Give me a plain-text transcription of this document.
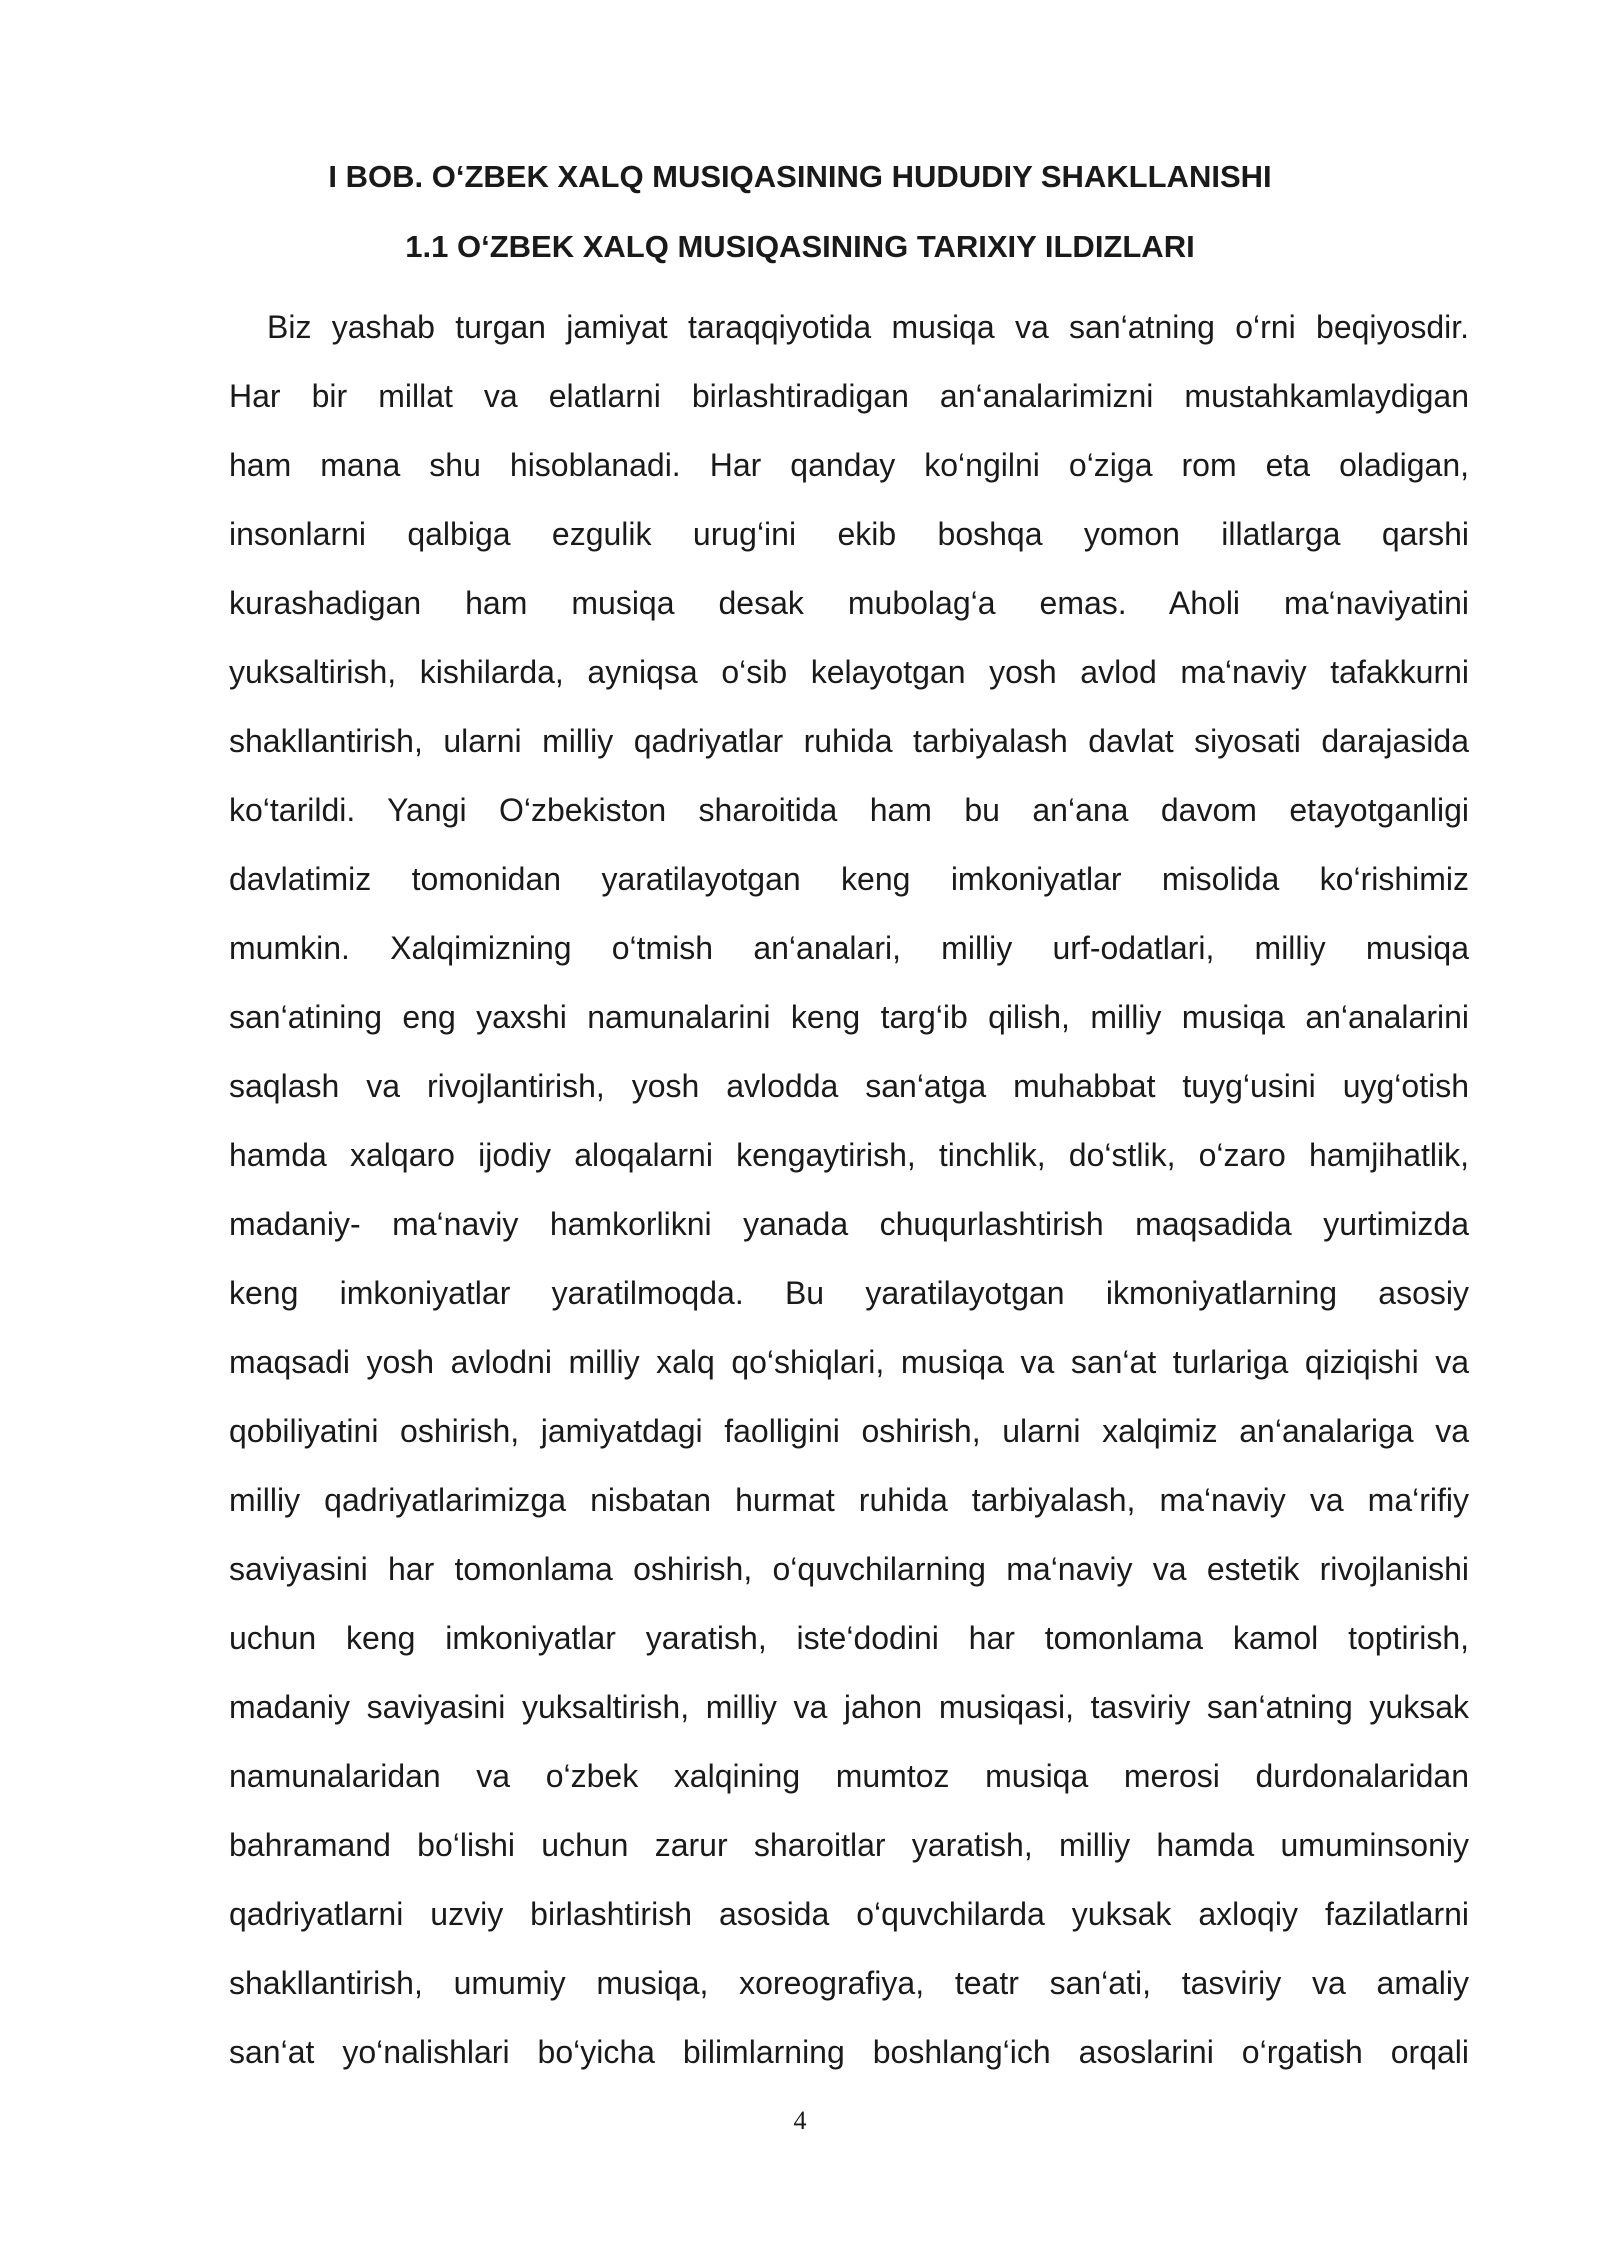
I BOB. O‘ZBEK XALQ MUSIQASINING HUDUDIY SHAKLLANISHI
1.1 O‘ZBEK XALQ MUSIQASINING TARIXIY ILDIZLARI
Biz yashab turgan jamiyat taraqqiyotida musiqa va san‘atning o‘rni beqiyosdir.
Har bir millat va elatlarni birlashtiradigan an‘analarimizni mustahkamlaydigan
ham mana shu hisoblanadi. Har qanday ko‘ngilni o‘ziga rom eta oladigan,
insonlarni qalbiga ezgulik urug‘ini ekib boshqa yomon illatlarga qarshi
kurashadigan ham musiqa desak mubolag‘a emas. Aholi ma‘naviyatini
yuksaltirish, kishilarda, ayniqsa o‘sib kelayotgan yosh avlod ma‘naviy tafakkurni
shakllantirish, ularni milliy qadriyatlar ruhida tarbiyalash davlat siyosati darajasida
ko‘tarildi. Yangi O‘zbekiston sharoitida ham bu an‘ana davom etayotganligi
davlatimiz tomonidan yaratilayotgan keng imkoniyatlar misolida ko‘rishimiz
mumkin. Xalqimizning o‘tmish an‘analari, milliy urf-odatlari, milliy musiqa
san‘atining eng yaxshi namunalarini keng targ‘ib qilish, milliy musiqa an‘analarini
saqlash va rivojlantirish, yosh avlodda san‘atga muhabbat tuyg‘usini uyg‘otish
hamda xalqaro ijodiy aloqalarni kengaytirish, tinchlik, do‘stlik, o‘zaro hamjihatlik,
madaniy- ma‘naviy hamkorlikni yanada chuqurlashtirish maqsadida yurtimizda
keng imkoniyatlar yaratilmoqda. Bu yaratilayotgan ikmoniyatlarning asosiy
maqsadi yosh avlodni milliy xalq qo‘shiqlari, musiqa va san‘at turlariga qiziqishi va
qobiliyatini oshirish, jamiyatdagi faolligini oshirish, ularni xalqimiz an‘analariga va
milliy qadriyatlarimizga nisbatan hurmat ruhida tarbiyalash, ma‘naviy va ma‘rifiy
saviyasini har tomonlama oshirish, o‘quvchilarning ma‘naviy va estetik rivojlanishi
uchun keng imkoniyatlar yaratish, iste‘dodini har tomonlama kamol toptirish,
madaniy saviyasini yuksaltirish, milliy va jahon musiqasi, tasviriy san‘atning yuksak
namunalaridan va o‘zbek xalqining mumtoz musiqa merosi durdonalaridan
bahramand bo‘lishi uchun zarur sharoitlar yaratish, milliy hamda umuminsoniy
qadriyatlarni uzviy birlashtirish asosida o‘quvchilarda yuksak axloqiy fazilatlarni
shakllantirish, umumiy musiqa, xoreografiya, teatr san‘ati, tasviriy va amaliy
san‘at yo‘nalishlari bo‘yicha bilimlarning boshlang‘ich asoslarini o‘rgatish orqali
4
